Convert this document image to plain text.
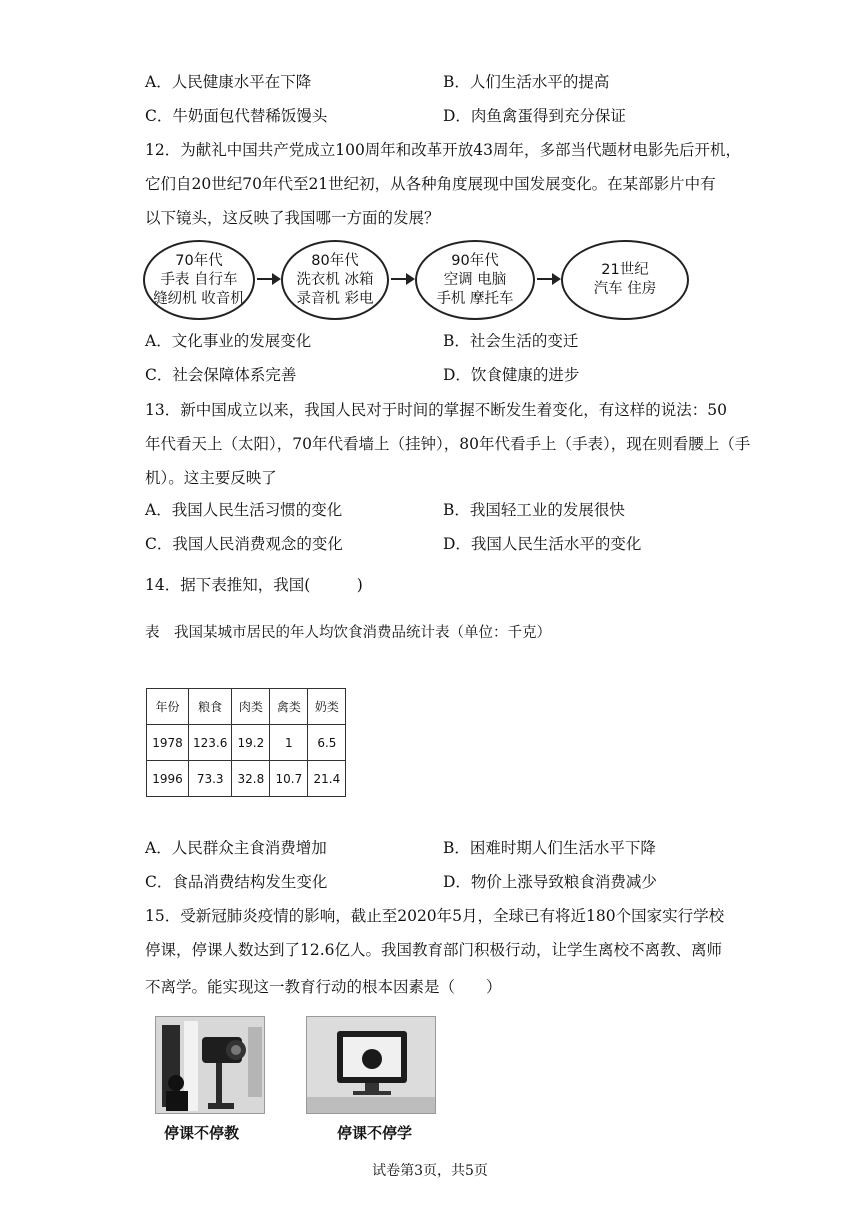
A．人民健康水平在下降	B．人们生活水平的提高
C．牛奶面包代替稀饭馒头	D．肉鱼禽蛋得到充分保证
12．为献礼中国共产党成立100周年和改革开放43周年，多部当代题材电影先后开机，
它们自20世纪70年代至21世纪初，从各种角度展现中国发展变化。在某部影片中有
以下镜头，这反映了我国哪一方面的发展？
70年代
手表 自行车
缝纫机 收音机
80年代
洗衣机 冰箱
录音机 彩电
90年代
空调 电脑
手机 摩托车
21世纪
汽车 住房
A．文化事业的发展变化	B．社会生活的变迁
C．社会保障体系完善	D．饮食健康的进步
13．新中国成立以来，我国人民对于时间的掌握不断发生着变化，有这样的说法：50
年代看天上（太阳），70年代看墙上（挂钟），80年代看手上（手表），现在则看腰上（手
机）。这主要反映了
A．我国人民生活习惯的变化	B．我国轻工业的发展很快
C．我国人民消费观念的变化	D．我国人民生活水平的变化
14．据下表推知，我国(　　　)
表　我国某城市居民的年人均饮食消费品统计表（单位：千克）
年份	粮食	肉类	禽类	奶类
1978	123.6	19.2	1	6.5
1996	73.3	32.8	10.7	21.4
A．人民群众主食消费增加	B．困难时期人们生活水平下降
C．食品消费结构发生变化	D．物价上涨导致粮食消费减少
15．受新冠肺炎疫情的影响，截止至2020年5月，全球已有将近180个国家实行学校
停课，停课人数达到了12.6亿人。我国教育部门积极行动，让学生离校不离教、离师
不离学。能实现这一教育行动的根本因素是（　　）
停课不停教	停课不停学
试卷第3页，共5页
